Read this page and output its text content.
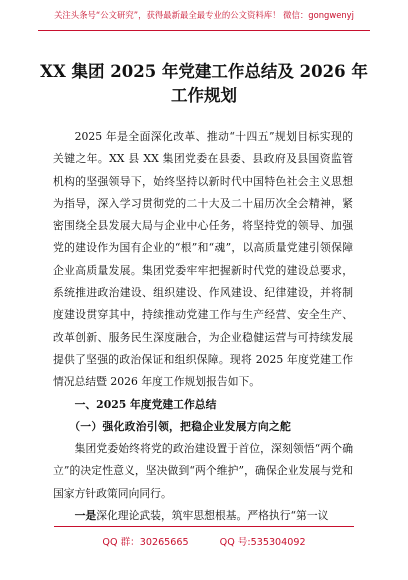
关注头条号“公文研究”，获得最新最全最专业的公文资料库！ 微信：gongwenyj
XX 集团 2025 年党建工作总结及 2026 年
工作规划

2025 年是全面深化改革、推动“十四五”规划目标实现的关键之年。XX 县 XX 集团党委在县委、县政府及县国资监管机构的坚强领导下，始终坚持以新时代中国特色社会主义思想为指导，深入学习贯彻党的二十大及二十届历次全会精神，紧密围绕全县发展大局与企业中心任务，将坚持党的领导、加强党的建设作为国有企业的“根”和“魂”，以高质量党建引领保障企业高质量发展。集团党委牢牢把握新时代党的建设总要求，系统推进政治建设、组织建设、作风建设、纪律建设，并将制度建设贯穿其中，持续推动党建工作与生产经营、安全生产、改革创新、服务民生深度融合，为企业稳健运营与可持续发展提供了坚强的政治保证和组织保障。现将 2025 年度党建工作情况总结暨 2026 年度工作规划报告如下。

一、2025 年度党建工作总结

（一）强化政治引领，把稳企业发展方向之舵

集团党委始终将党的政治建设置于首位，深刻领悟“两个确立”的决定性意义，坚决做到“两个维护”，确保企业发展与党和国家方针政策同向同行。

一是深化理论武装，筑牢思想根基。严格执行“第一议

QQ 群：30265665	QQ 号:535304092
